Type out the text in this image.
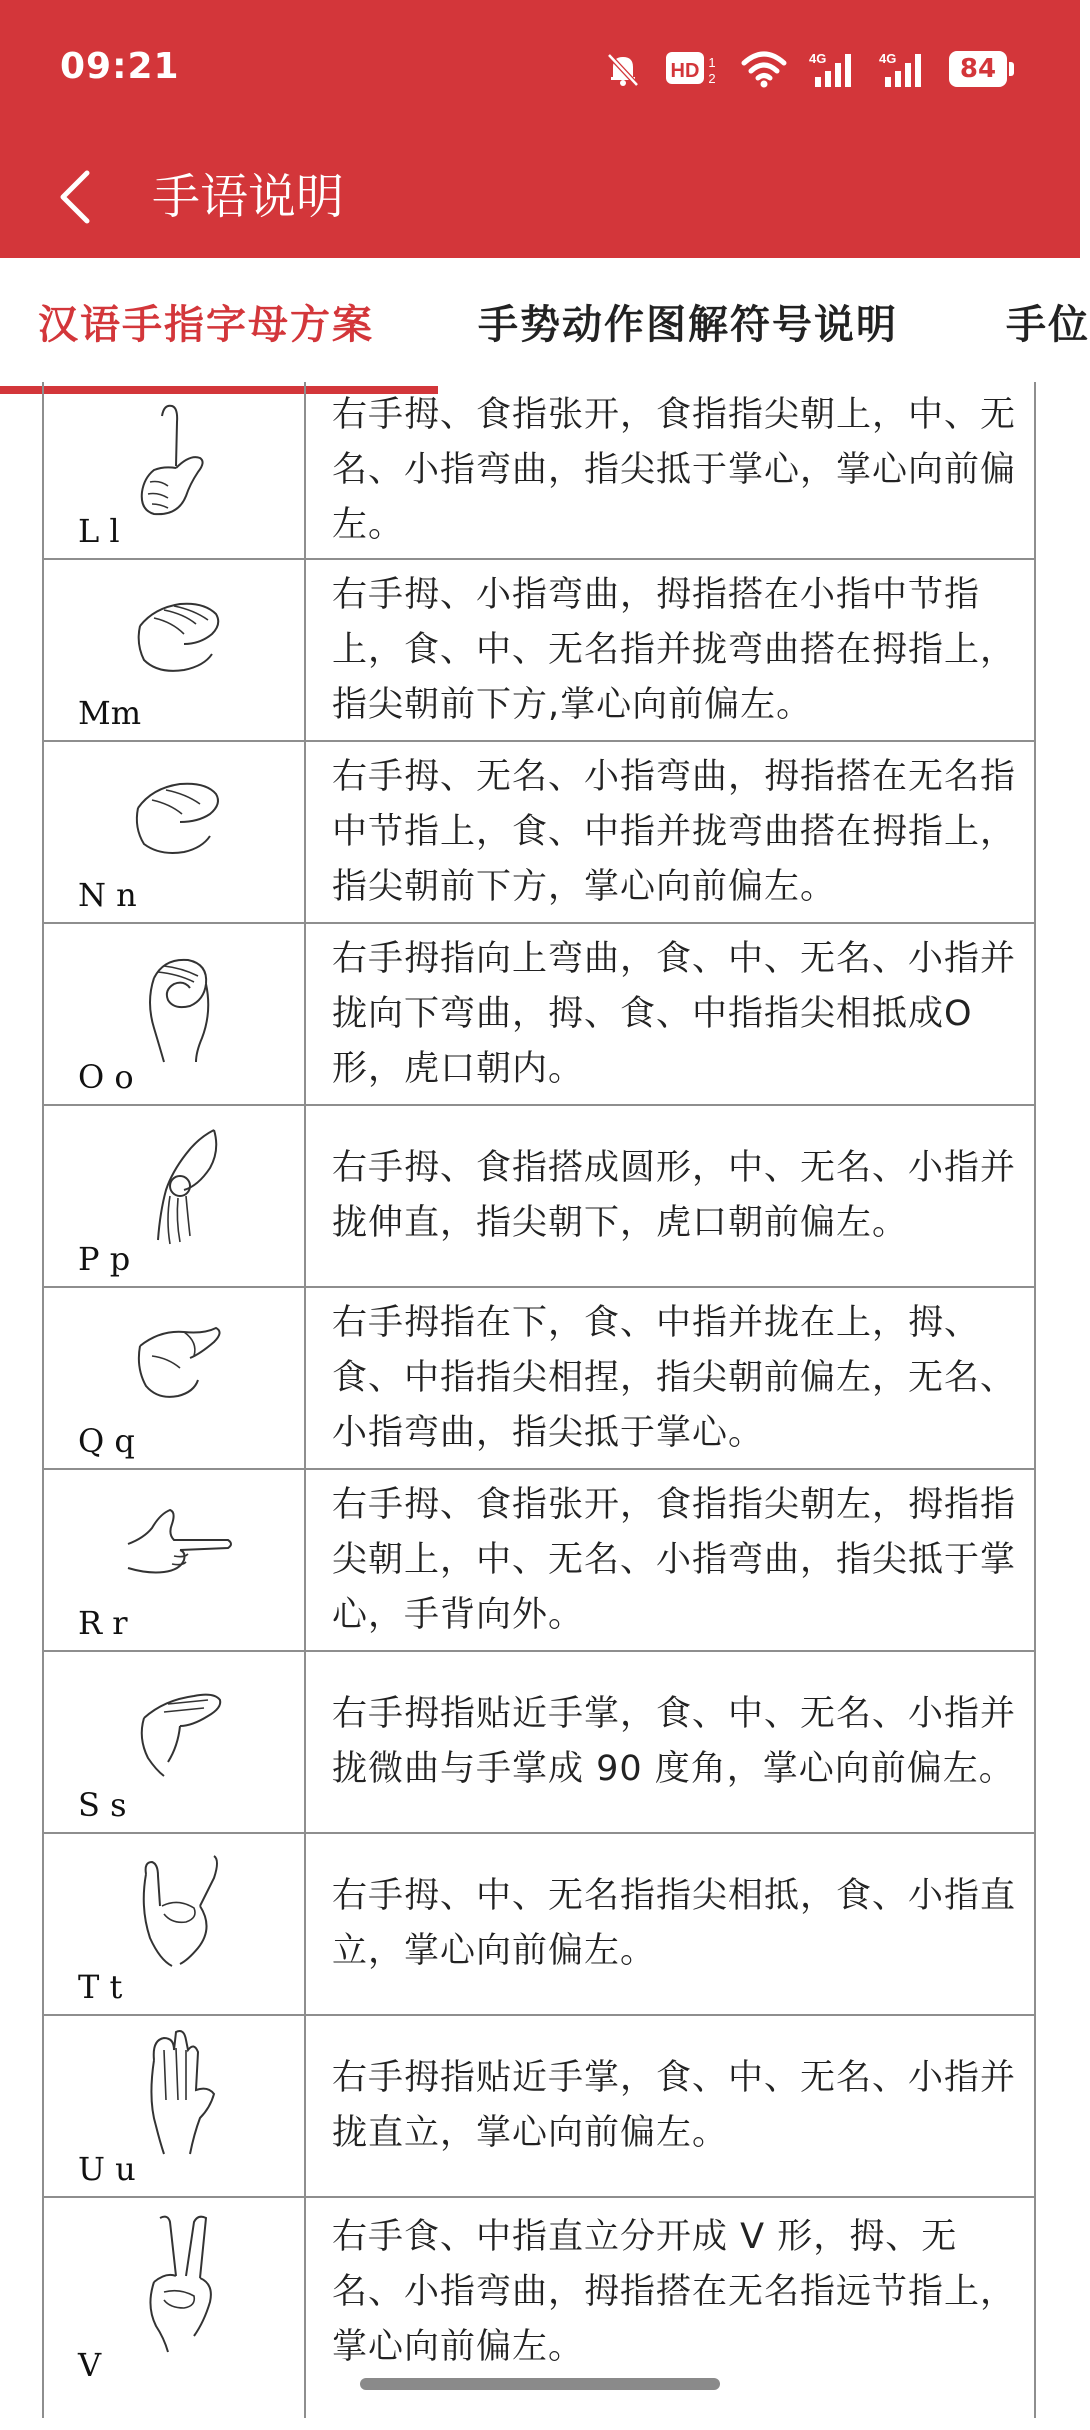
09:21	HD 1
2
4G	4G	84
手语说明
汉语手指字母方案	手势动作图解符号说明	手位
L l
右手拇、食指张开，食指指尖朝上，中、无名、小指弯曲，指尖抵于掌心，掌心向前偏左。
Mm
右手拇、小指弯曲，拇指搭在小指中节指上，食、中、无名指并拢弯曲搭在拇指上，指尖朝前下方,掌心向前偏左。
N n
右手拇、无名、小指弯曲，拇指搭在无名指中节指上，食、中指并拢弯曲搭在拇指上，指尖朝前下方，掌心向前偏左。
O o
右手拇指向上弯曲，食、中、无名、小指并拢向下弯曲，拇、食、中指指尖相抵成O形，虎口朝内。
P p
右手拇、食指搭成圆形，中、无名、小指并拢伸直，指尖朝下，虎口朝前偏左。
Q q
右手拇指在下，食、中指并拢在上，拇、食、中指指尖相捏，指尖朝前偏左，无名、小指弯曲，指尖抵于掌心。
R r
右手拇、食指张开，食指指尖朝左，拇指指尖朝上，中、无名、小指弯曲，指尖抵于掌心，手背向外。
S s
右手拇指贴近手掌，食、中、无名、小指并拢微曲与手掌成 90 度角，掌心向前偏左。
T t
右手拇、中、无名指指尖相抵，食、小指直立，掌心向前偏左。
U u
右手拇指贴近手掌，食、中、无名、小指并拢直立，掌心向前偏左。
V
右手食、中指直立分开成 V 形，拇、无名、小指弯曲，拇指搭在无名指远节指上，掌心向前偏左。
